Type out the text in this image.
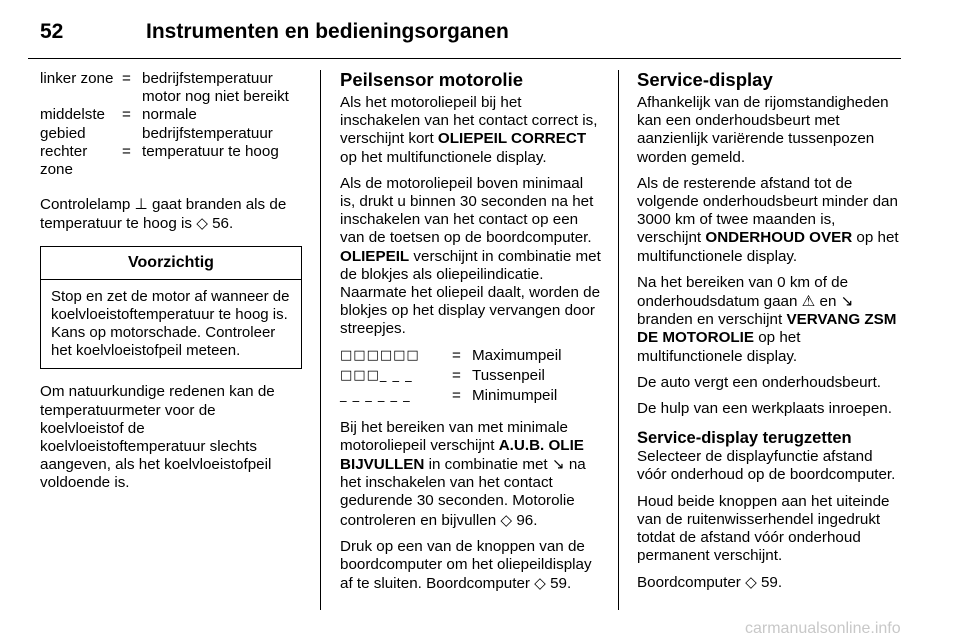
52	Instrumenten en bedieningsorganen
linker zone	=	bedrijfstemperatuur motor nog niet bereikt
middelste gebied	=	normale bedrijfstemperatuur
rechter zone	=	temperatuur te hoog

Controlelamp ⊥ gaat branden als de temperatuur te hoog is ◇ 56.

Voorzichtig
Stop en zet de motor af wanneer de koelvloeistoftemperatuur te hoog is. Kans op motorschade. Controleer het koelvloeistofpeil meteen.

Om natuurkundige redenen kan de temperatuurmeter voor de koelvloeistof de koelvloeistoftemperatuur slechts aangeven, als het koelvloeistofpeil voldoende is.

Peilsensor motorolie

Als het motoroliepeil bij het inschakelen van het contact correct is, verschijnt kort OLIEPEIL CORRECT op het multifunctionele display.

Als de motoroliepeil boven minimaal is, drukt u binnen 30 seconden na het inschakelen van het contact op een van de toetsen op de boordcomputer. OLIEPEIL verschijnt in combinatie met de blokjes als oliepeilindicatie. Naarmate het oliepeil daalt, worden de blokjes op het display vervangen door streepjes.

□□□□□□	=	Maximumpeil
□□□_ _ _	=	Tussenpeil
_ _ _ _ _ _	=	Minimumpeil

Bij het bereiken van met minimale motoroliepeil verschijnt A.U.B. OLIE BIJVULLEN in combinatie met ↘ na het inschakelen van het contact gedurende 30 seconden. Motorolie controleren en bijvullen ◇ 96.

Druk op een van de knoppen van de boordcomputer om het oliepeildisplay af te sluiten. Boordcomputer ◇ 59.

Service-display

Afhankelijk van de rijomstandigheden kan een onderhoudsbeurt met aanzienlijk variërende tussenpozen worden gemeld.

Als de resterende afstand tot de volgende onderhoudsbeurt minder dan 3000 km of twee maanden is, verschijnt ONDERHOUD OVER op het multifunctionele display.

Na het bereiken van 0 km of de onderhoudsdatum gaan ⚠ en ↘ branden en verschijnt VERVANG ZSM DE MOTOROLIE op het multifunctionele display.

De auto vergt een onderhoudsbeurt.

De hulp van een werkplaats inroepen.

Service-display terugzetten

Selecteer de displayfunctie afstand vóór onderhoud op de boordcomputer.

Houd beide knoppen aan het uiteinde van de ruitenwisserhendel ingedrukt totdat de afstand vóór onderhoud permanent verschijnt.

Boordcomputer ◇ 59.

carmanualsonline.info
